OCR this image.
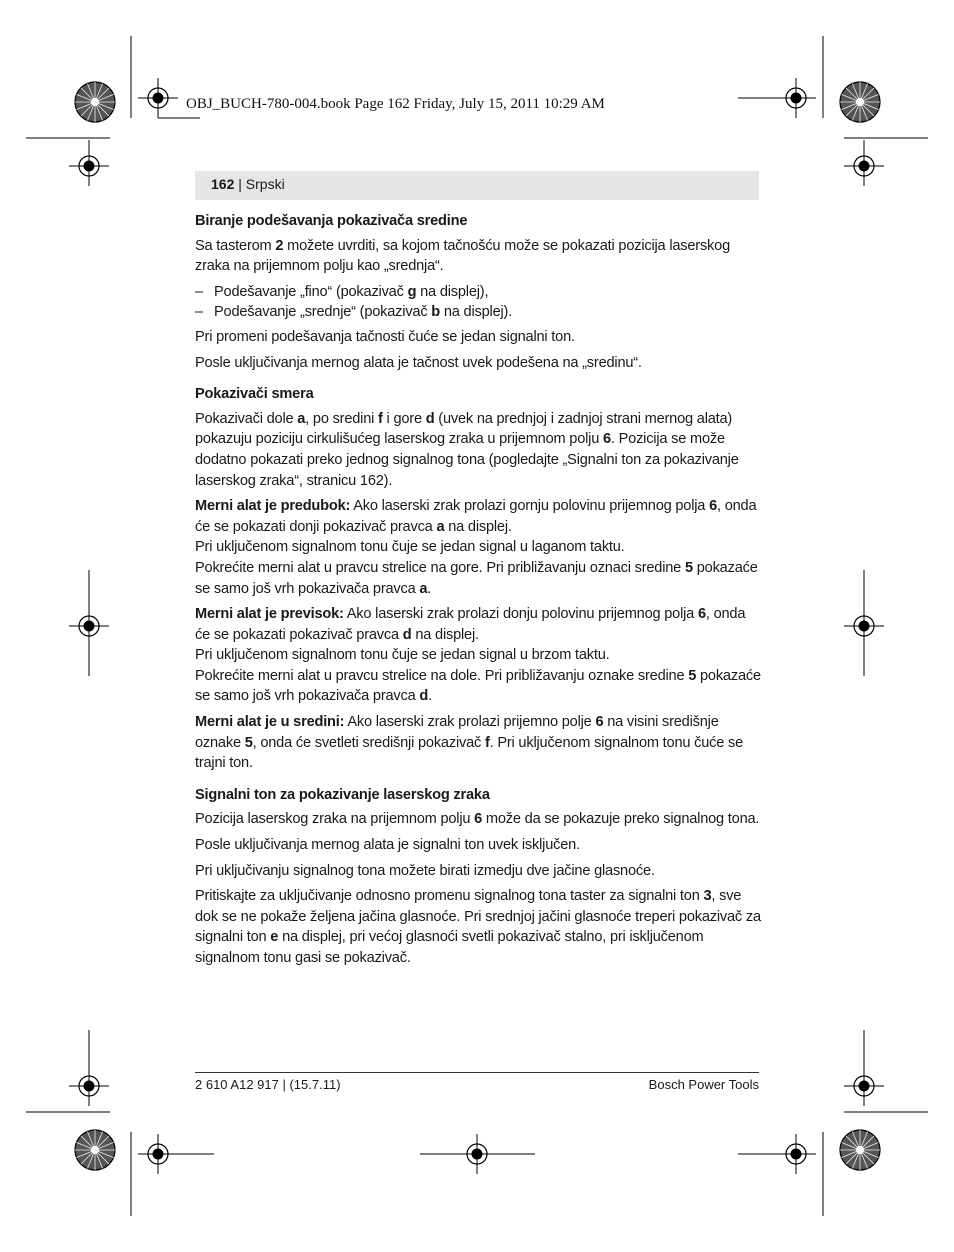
OBJ_BUCH-780-004.book Page 162 Friday, July 15, 2011 10:29 AM
162 | Srpski
Biranje podešavanja pokazivača sredine

Sa tasterom 2 možete uvrditi, sa kojom tačnošću može se pokazati pozicija laserskog zraka na prijemnom polju kao „srednja“.

– Podešavanje „fino“ (pokazivač g na displej),
– Podešavanje „srednje“ (pokazivač b na displej).

Pri promeni podešavanja tačnosti čuće se jedan signalni ton.

Posle uključivanja mernog alata je tačnost uvek podešena na „sredinu“.

Pokazivači smera

Pokazivači dole a, po sredini f i gore d (uvek na prednjoj i zadnjoj strani mernog alata) pokazuju poziciju cirkulišućeg laserskog zraka u prijemnom polju 6. Pozicija se može dodatno pokazati preko jednog signalnog tona (pogledajte „Signalni ton za pokazivanje laserskog zraka“, stranicu 162).

Merni alat je predubok: Ako laserski zrak prolazi gornju polovinu prijemnog polja 6, onda će se pokazati donji pokazivač pravca a na displej.
Pri uključenom signalnom tonu čuje se jedan signal u laganom taktu.
Pokrećite merni alat u pravcu strelice na gore. Pri približavanju oznaci sredine 5 pokazaće se samo još vrh pokazivača pravca a.

Merni alat je previsok: Ako laserski zrak prolazi donju polovinu prijemnog polja 6, onda će se pokazati pokazivač pravca d na displej.
Pri uključenom signalnom tonu čuje se jedan signal u brzom taktu.
Pokrećite merni alat u pravcu strelice na dole. Pri približavanju oznake sredine 5 pokazaće se samo još vrh pokazivača pravca d.

Merni alat je u sredini: Ako laserski zrak prolazi prijemno polje 6 na visini središnje oznake 5, onda će svetleti središnji pokazivač f. Pri uključenom signalnom tonu čuće se trajni ton.

Signalni ton za pokazivanje laserskog zraka

Pozicija laserskog zraka na prijemnom polju 6 može da se pokazuje preko signalnog tona.

Posle uključivanja mernog alata je signalni ton uvek isključen.

Pri uključivanju signalnog tona možete birati izmedju dve jačine glasnoće.

Pritiskajte za uključivanje odnosno promenu signalnog tona taster za signalni ton 3, sve dok se ne pokaže željena jačina glasnoće. Pri srednjoj jačini glasnoće treperi pokazivač za signalni ton e na displej, pri većoj glasnoći svetli pokazivač stalno, pri isključenom signalnom tonu gasi se pokazivač.

2 610 A12 917 | (15.7.11)	Bosch Power Tools
